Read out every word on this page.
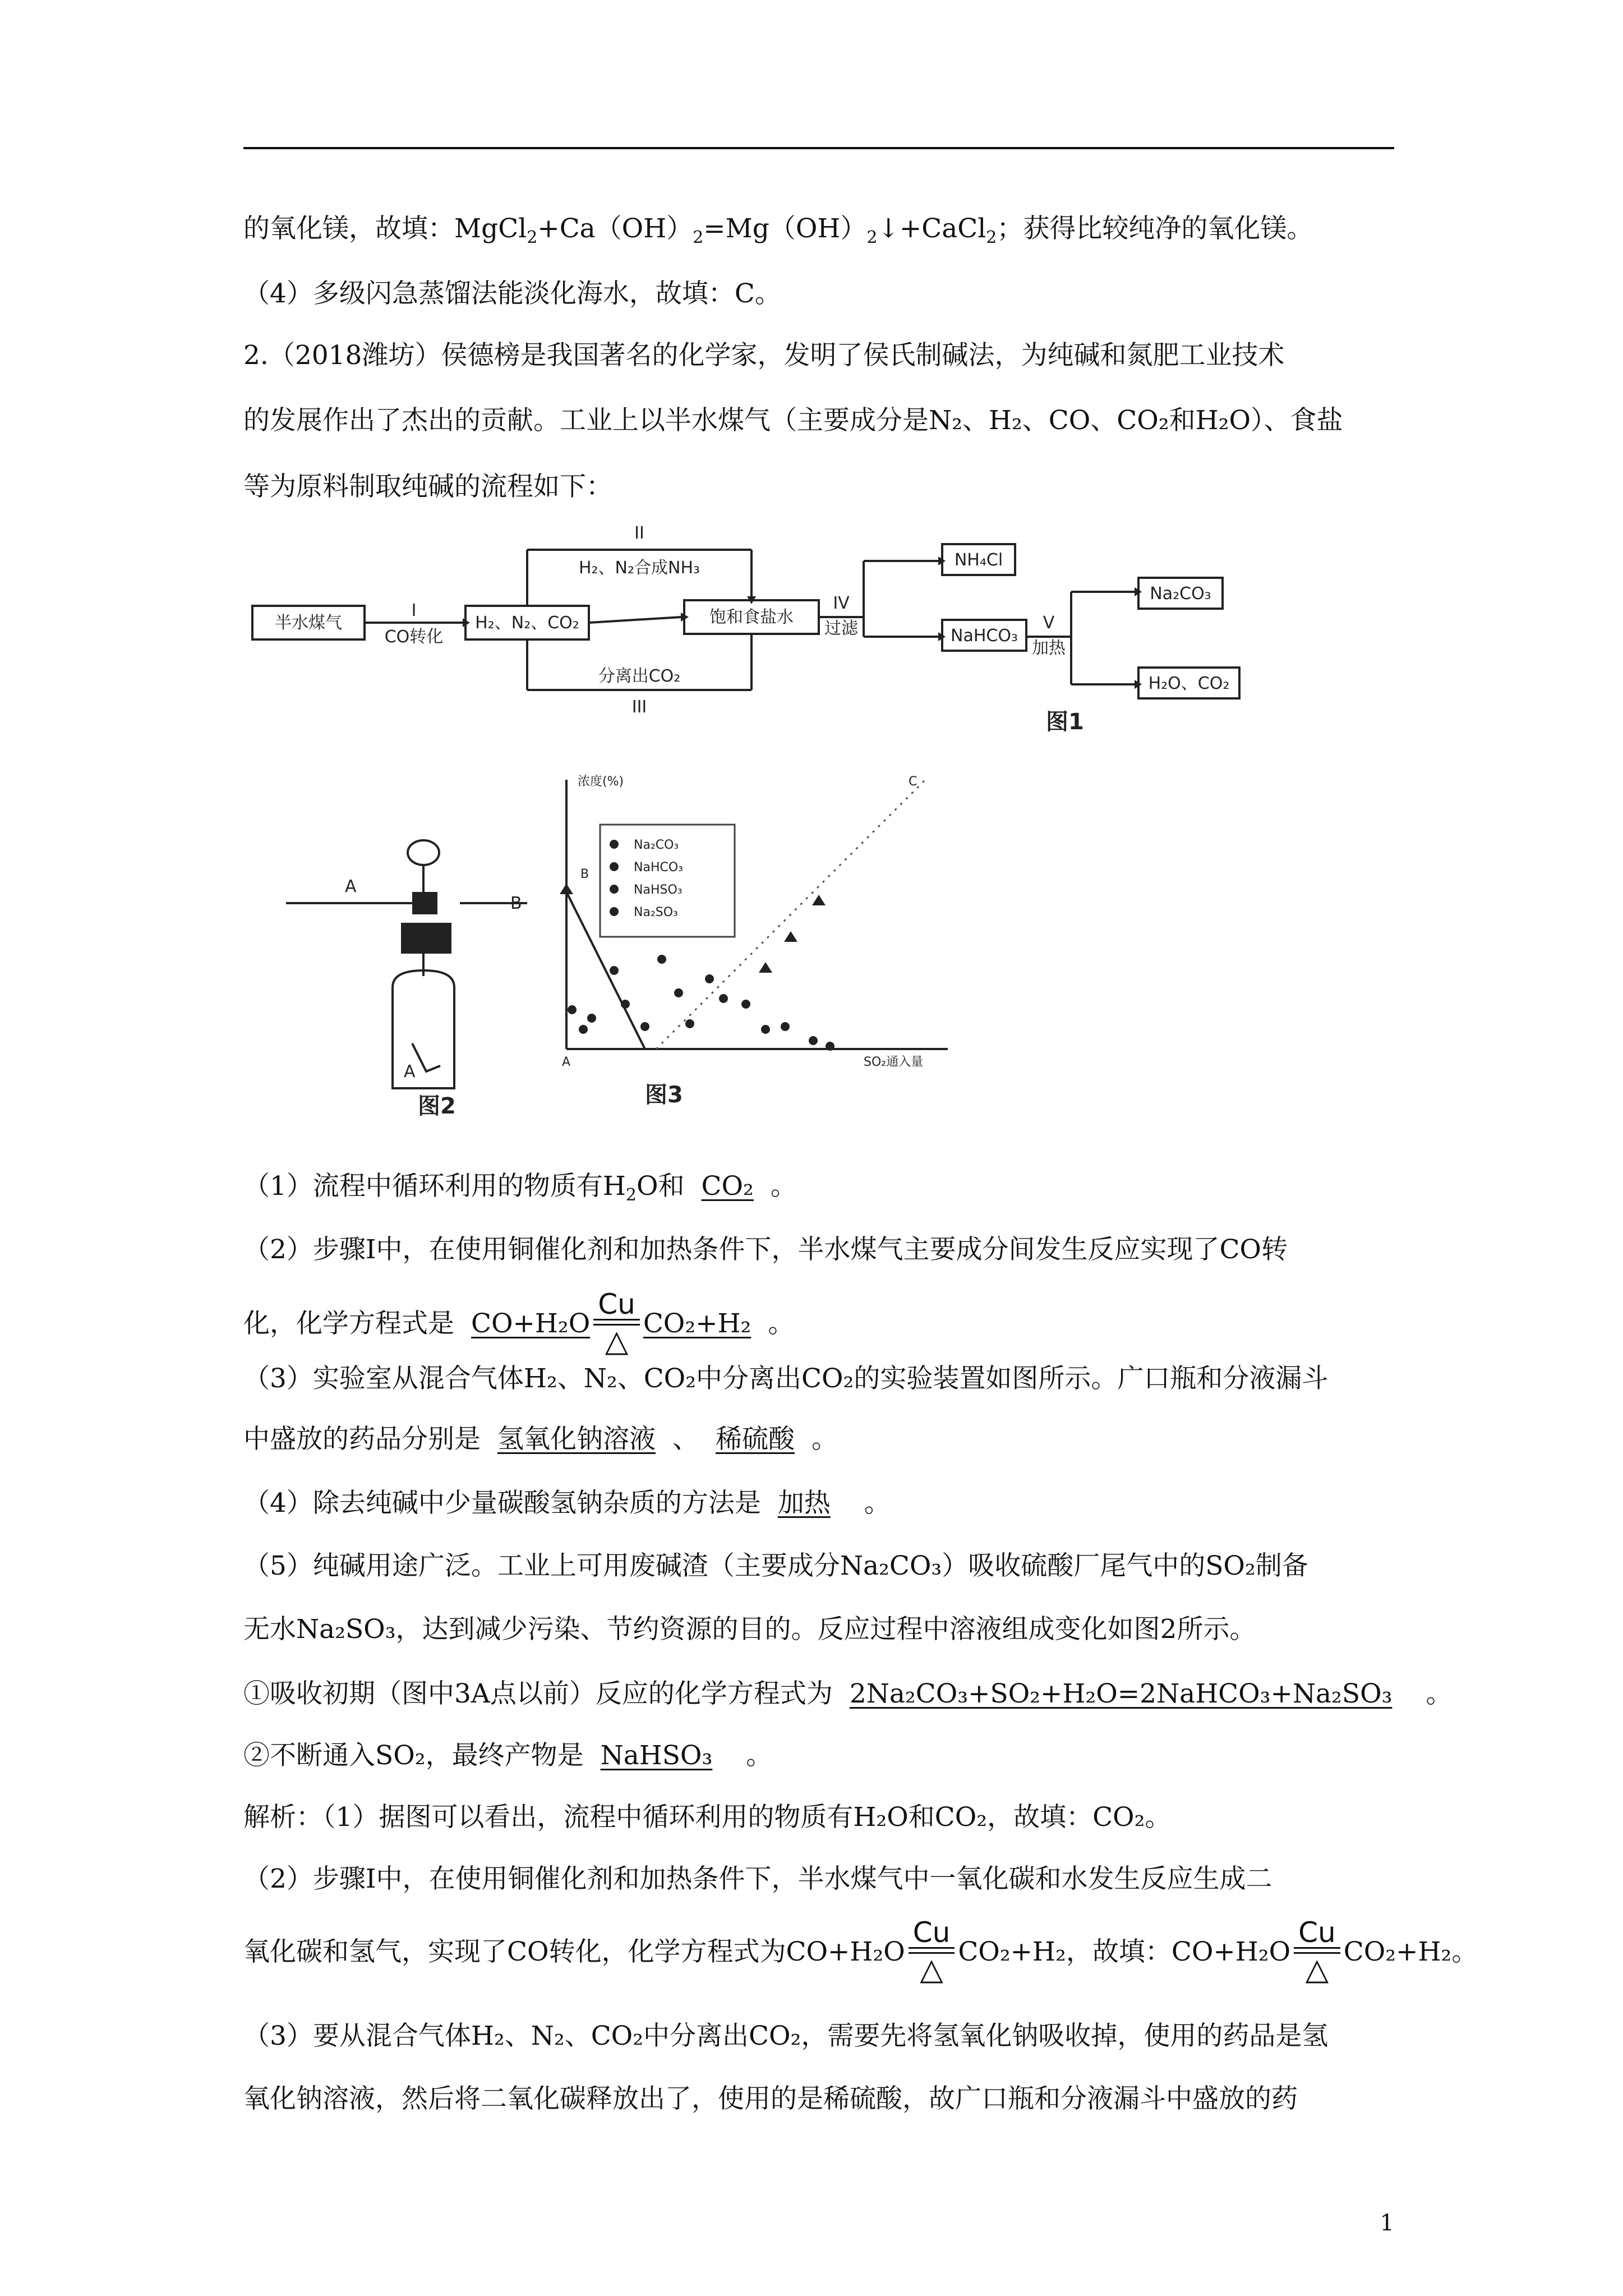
的氧化镁，故填：$MgCl_2+Ca(OH)_2=Mg(OH)_2↓+CaCl_2$；获得比较纯净的氧化镁。
（4）多级闪急蒸馏法能淡化海水，故填：C。
2.（2018潍坊）侯德榜是我国著名的化学家，发明了侯氏制碱法，为纯碱和氮肥工业技术
的发展作出了杰出的贡献。工业上以半水煤气（主要成分是N₂、H₂、CO、CO₂和H₂O）、食盐
等为原料制取纯碱的流程如下：
半水煤气	H₂、N₂、CO₂	饱和食盐水
NH₄Cl
NaHCO₃
Na₂CO₃
H₂O、CO₂
I
CO转化
II
H₂、N₂合成NH₃
分离出CO₂
III
IV
过滤	V
加热
图1
A
B
A
图2
Na₂CO₃
NaHCO₃
NaHSO₃
Na₂SO₃
浓度(%)
SO₂通入量
B
A
C
图3
（1）流程中循环利用的物质有$H_2O$和 CO₂ 。
（2）步骤Ⅰ中，在使用铜催化剂和加热条件下，半水煤气主要成分间发生反应实现了CO转
化，化学方程式是 CO+H₂O
Cu
△ CO₂+H₂ 。
（3）实验室从混合气体H₂、N₂、CO₂中分离出CO₂的实验装置如图所示。广口瓶和分液漏斗
中盛放的药品分别是 氢氧化钠溶液 、 稀硫酸 。
（4）除去纯碱中少量碳酸氢钠杂质的方法是 加热 。
（5）纯碱用途广泛。工业上可用废碱渣（主要成分Na₂CO₃）吸收硫酸厂尾气中的SO₂制备
无水Na₂SO₃，达到减少污染、节约资源的目的。反应过程中溶液组成变化如图2所示。
①吸收初期（图中3A点以前）反应的化学方程式为 2Na₂CO₃+SO₂+H₂O=2NaHCO₃+Na₂SO₃ 。
②不断通入SO₂，最终产物是 NaHSO₃ 。
解析：（1）据图可以看出，流程中循环利用的物质有H₂O和CO₂，故填：CO₂。
（2）步骤Ⅰ中，在使用铜催化剂和加热条件下，半水煤气中一氧化碳和水发生反应生成二
氧化碳和氢气，实现了CO转化，化学方程式为CO+H₂O
Cu
△ CO₂+H₂，故填：CO+H₂O
Cu
△ CO₂+H₂。
（3）要从混合气体H₂、N₂、CO₂中分离出CO₂，需要先将氢氧化钠吸收掉，使用的药品是氢
氧化钠溶液，然后将二氧化碳释放出了，使用的是稀硫酸，故广口瓶和分液漏斗中盛放的药
1
